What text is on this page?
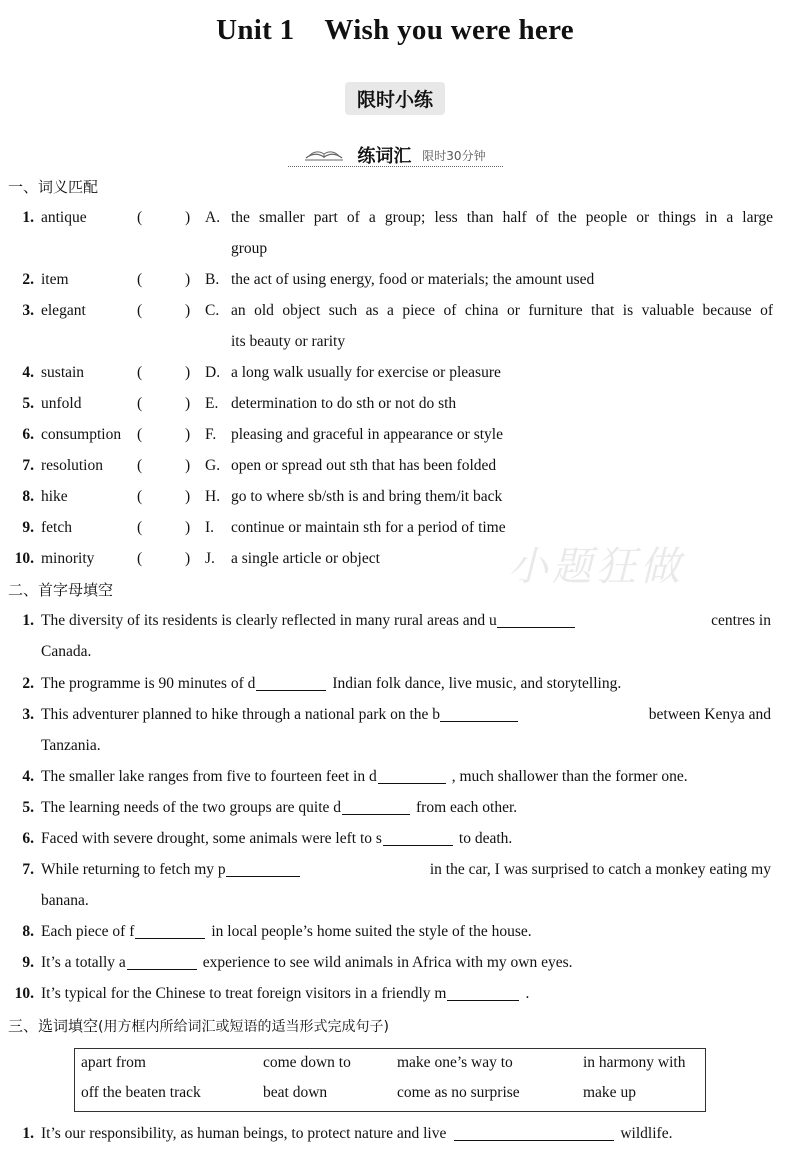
Unit 1 Wish you were here
限时小练
练词汇 限时30分钟
小题狂做
一、词义匹配
1. antique	(	) A. the smaller part of a group; less than half of the people or things in a large
group
2. item	(	) B. the act of using energy, food or materials; the amount used
3. elegant	(	) C. an old object such as a piece of china or furniture that is valuable because of
its beauty or rarity
4. sustain	(	) D. a long walk usually for exercise or pleasure
5. unfold	(	) E. determination to do sth or not do sth
6. consumption (	) F. pleasing and graceful in appearance or style
7. resolution (	) G. open or spread out sth that has been folded
8. hike	(	) H. go to where sb/sth is and bring them/it back
9. fetch	(	) I. continue or maintain sth for a period of time
10. minority	(	) J. a single article or object
二、首字母填空
1. The diversity of its residents is clearly reflected in many rural areas and u	centres in
Canada.
2. The programme is 90 minutes of d	Indian folk dance, live music, and storytelling.
3. This adventurer planned to hike through a national park on the b	between Kenya and
Tanzania.
4. The smaller lake ranges from five to fourteen feet in d	, much shallower than the former one.
5. The learning needs of the two groups are quite d	from each other.
6. Faced with severe drought, some animals were left to s	to death.
7. While returning to fetch my p	in the car, I was surprised to catch a monkey eating my
banana.
8. Each piece of f	in local people’s home suited the style of the house.
9. It’s a totally a	experience to see wild animals in Africa with my own eyes.
10. It’s typical for the Chinese to treat foreign visitors in a friendly m	.
三、选词填空(用方框内所给词汇或短语的适当形式完成句子)
apart from	come down to	make one’s way to	in harmony with
off the beaten track	beat down	come as no surprise	make up
1. It’s our responsibility, as human beings, to protect nature and live	wildlife.
